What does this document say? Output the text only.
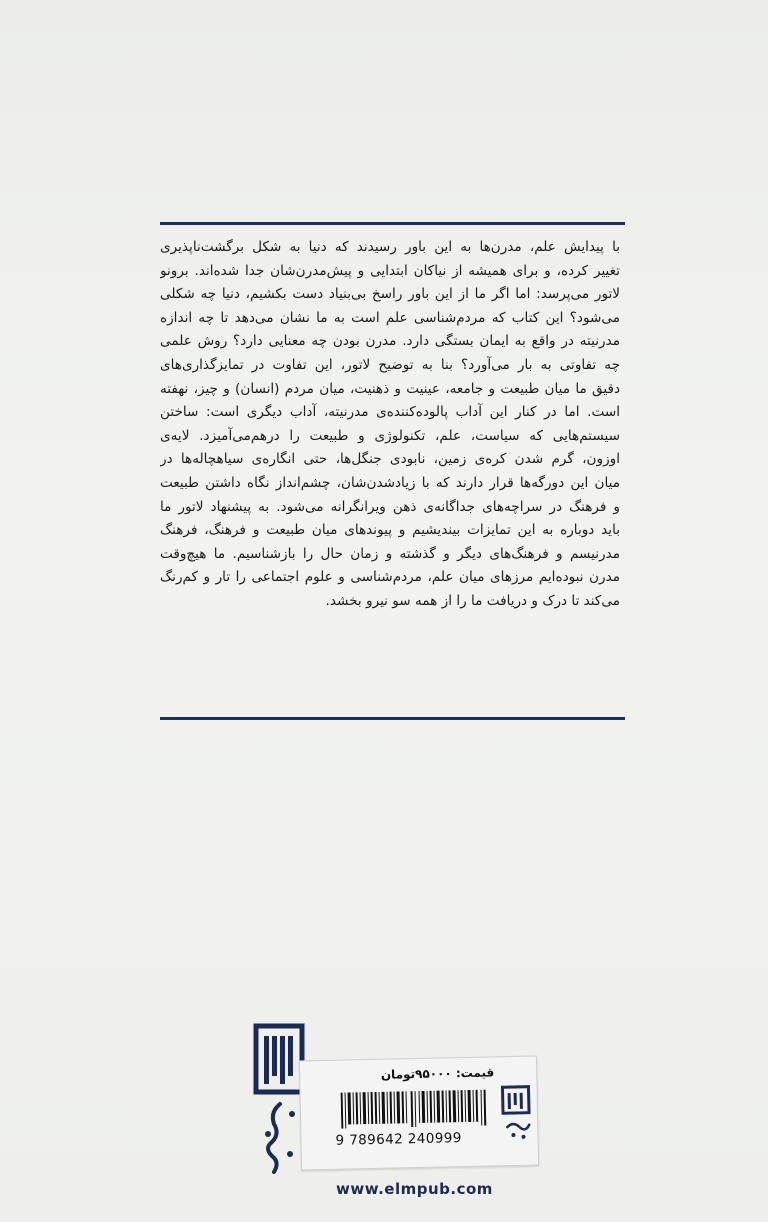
با پیدایش علم، مدرن‌ها به این باور رسیدند که دنیا به شکل برگشت‌ناپذیری
تغییر کرده، و برای همیشه از نیاکان ابتدایی و پیش‌مدرن‌شان جدا شده‌اند. برونو
لاتور می‌پرسد: اما اگر ما از این باور راسخ بی‌بنیاد دست بکشیم، دنیا چه شکلی
می‌شود؟ این کتاب که مردم‌شناسی علم است به ما نشان می‌دهد تا چه اندازه
مدرنیته در واقع به ایمان بستگی دارد. مدرن بودن چه معنایی دارد؟ روش علمی
چه تفاوتی به بار می‌آورد؟ بنا به توضیح لاتور، این تفاوت در تمایزگذاری‌های
دقیق ما میان طبیعت و جامعه، عینیت و ذهنیت، میان مردم (انسان) و چیز، نهفته
است. اما در کنار این آداب پالوده‌کننده‌ی مدرنیته، آداب دیگری است: ساختن
سیستم‌هایی که سیاست، علم، تکنولوژی و طبیعت را درهم‌می‌آمیزد. لایه‌ی
اوزون، گرم شدن کره‌ی زمین، نابودی جنگل‌ها، حتی انگاره‌ی سیاهچاله‌ها در
میان این دورگه‌ها قرار دارند که با زیادشدن‌شان، چشم‌انداز نگاه داشتن طبیعت
و فرهنگ در سراچه‌های جداگانه‌ی ذهن ویرانگرانه می‌شود. به پیشنهاد لاتور ما
باید دوباره به این تمایزات بیندیشیم و پیوندهای میان طبیعت و فرهنگ، فرهنگ
مدرنیسم و فرهنگ‌های دیگر و گذشته و زمان حال را بازشناسیم. ما هیچ‌وقت
مدرن نبوده‌ایم مرزهای میان علم، مردم‌شناسی و علوم اجتماعی را تار و کم‌رنگ
می‌کند تا درک و دریافت ما را از همه سو نیرو بخشد.
قیمت: ۹۵۰۰۰تومان
9 789642 240999
www.elmpub.com
